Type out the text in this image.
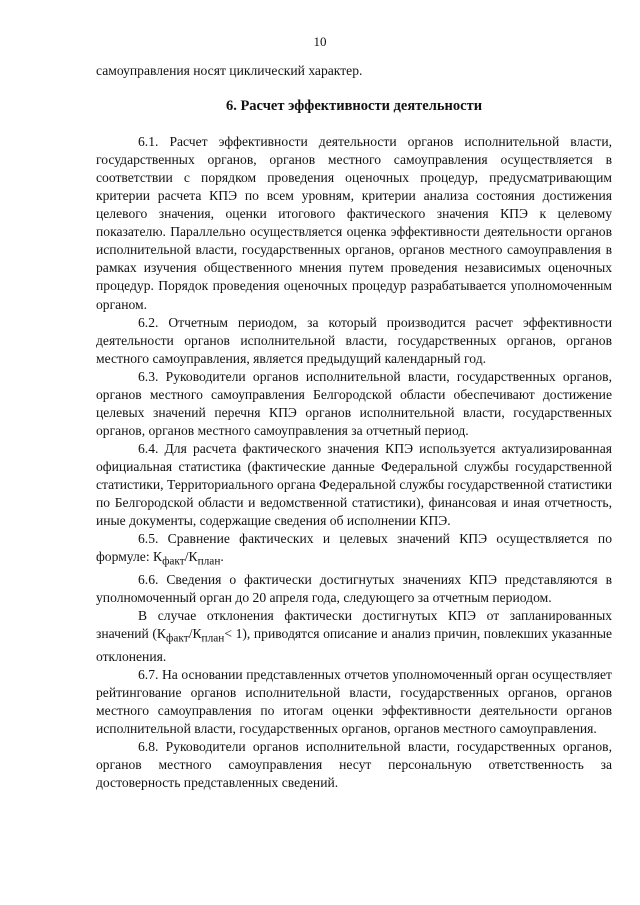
10

самоуправления носят циклический характер.

6. Расчет эффективности деятельности

6.1. Расчет эффективности деятельности органов исполнительной власти, государственных органов, органов местного самоуправления осуществляется в соответствии с порядком проведения оценочных процедур, предусматривающим критерии расчета КПЭ по всем уровням, критерии анализа состояния достижения целевого значения, оценки итогового фактического значения КПЭ к целевому показателю. Параллельно осуществляется оценка эффективности деятельности органов исполнительной власти, государственных органов, органов местного самоуправления в рамках изучения общественного мнения путем проведения независимых оценочных процедур. Порядок проведения оценочных процедур разрабатывается уполномоченным органом.

6.2. Отчетным периодом, за который производится расчет эффективности деятельности органов исполнительной власти, государственных органов, органов местного самоуправления, является предыдущий календарный год.

6.3. Руководители органов исполнительной власти, государственных органов, органов местного самоуправления Белгородской области обеспечивают достижение целевых значений перечня КПЭ органов исполнительной власти, государственных органов, органов местного самоуправления за отчетный период.

6.4. Для расчета фактического значения КПЭ используется актуализированная официальная статистика (фактические данные Федеральной службы государственной статистики, Территориального органа Федеральной службы государственной статистики по Белгородской области и ведомственной статистики), финансовая и иная отчетность, иные документы, содержащие сведения об исполнении КПЭ.

6.5. Сравнение фактических и целевых значений КПЭ осуществляется по формуле: $К_{факт}/К_{план}$.

6.6. Сведения о фактически достигнутых значениях КПЭ представляются в уполномоченный орган до 20 апреля года, следующего за отчетным периодом.

В случае отклонения фактически достигнутых КПЭ от запланированных значений $(К_{факт}/К_{план}< 1)$, приводятся описание и анализ причин, повлекших указанные отклонения.

6.7. На основании представленных отчетов уполномоченный орган осуществляет рейтингование органов исполнительной власти, государственных органов, органов местного самоуправления по итогам оценки эффективности деятельности органов исполнительной власти, государственных органов, органов местного самоуправления.

6.8. Руководители органов исполнительной власти, государственных органов, органов местного самоуправления несут персональную ответственность за достоверность представленных сведений.
